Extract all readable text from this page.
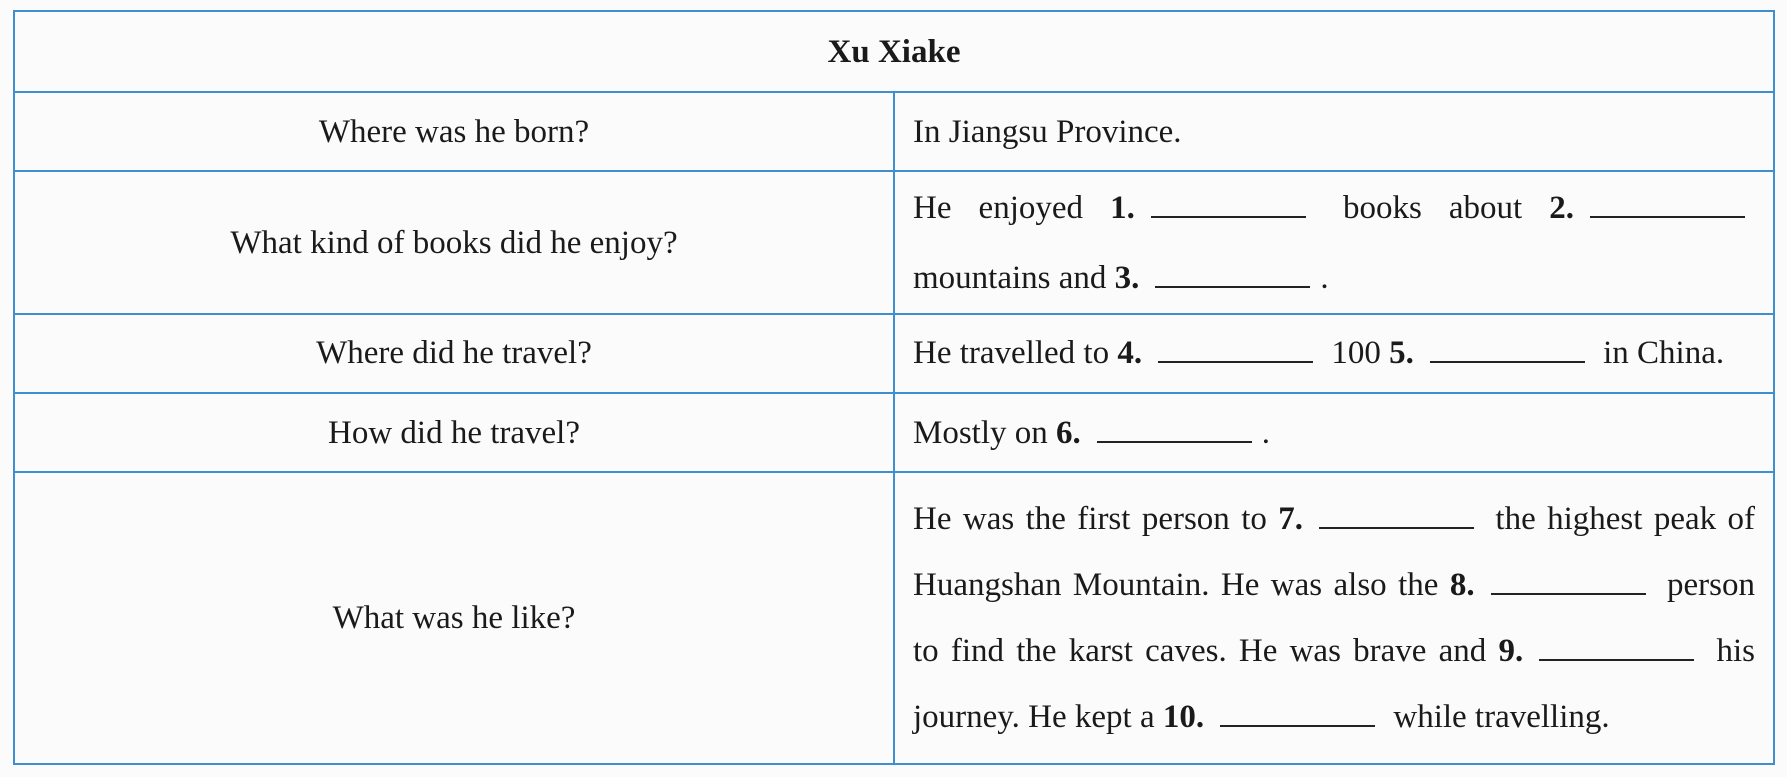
Xu Xiake	
Where was he born?	In Jiangsu Province.
What kind of books did he enjoy?	He enjoyed 1. books about 2. mountains and 3. .
Where did he travel?	He travelled to 4. 100 5. in China.
How did he travel?	Mostly on 6. .
What was he like?	He was the first person to 7. the highest peak of Huangshan Mountain. He was also the 8. person to find the karst caves. He was brave and 9. his journey. He kept a 10. while travelling.
